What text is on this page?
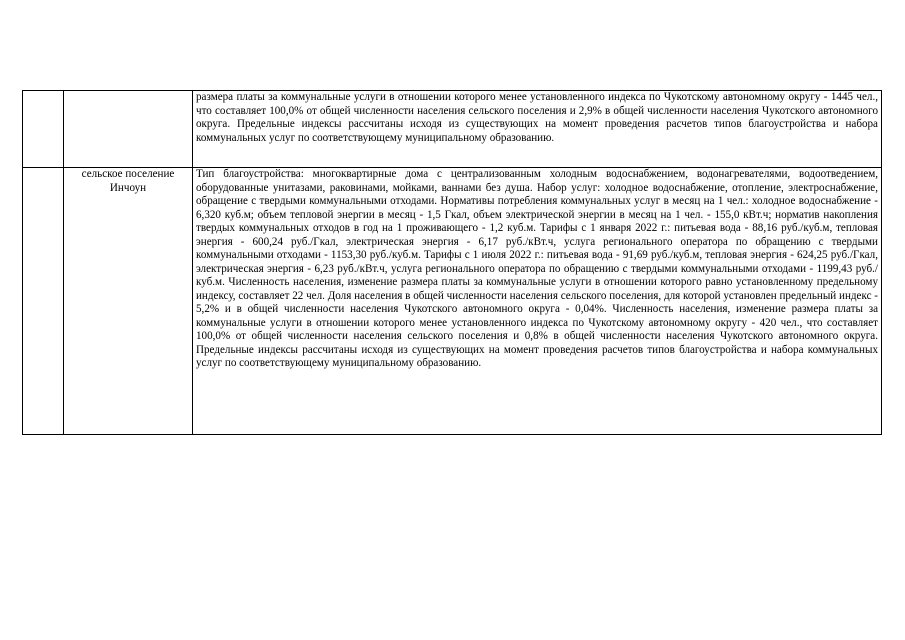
		размера платы за коммунальные услуги в отношении которого менее установленного индекса по Чукотскому автономному округу - 1445 чел., что составляет 100,0% от общей численности населения сельского поселения и 2,9% в общей численности населения Чукотского автономного округа. Предельные индексы рассчитаны исходя из существующих на момент проведения расчетов типов благоустройства и набора коммунальных услуг по соответствующему муниципальному образованию.
	сельское поселение Инчоун	Тип благоустройства: многоквартирные дома с централизованным холодным водоснабжением, водонагревателями, водоотведением, оборудованные унитазами, раковинами, мойками, ваннами без душа. Набор услуг: холодное водоснабжение, отопление, электроснабжение, обращение с твердыми коммунальными отходами. Нормативы потребления коммунальных услуг в месяц на 1 чел.: холодное водоснабжение - 6,320 куб.м; объем тепловой энергии в месяц - 1,5 Гкал, объем электрической энергии в месяц на 1 чел. - 155,0 кВт.ч; норматив накопления твердых коммунальных отходов в год на 1 проживающего - 1,2 куб.м. Тарифы с 1 января 2022 г.: питьевая вода - 88,16 руб./куб.м, тепловая энергия - 600,24 руб./Гкал, электрическая энергия - 6,17 руб./кВт.ч, услуга регионального оператора по обращению с твердыми коммунальными отходами - 1153,30 руб./куб.м. Тарифы с 1 июля 2022 г.: питьевая вода - 91,69 руб./куб.м, тепловая энергия - 624,25 руб./Гкал, электрическая энергия - 6,23 руб./кВт.ч, услуга регионального оператора по обращению с твердыми коммунальными отходами - 1199,43 руб./куб.м. Численность населения, изменение размера платы за коммунальные услуги в отношении которого равно установленному предельному индексу, составляет 22 чел. Доля населения в общей численности населения сельского поселения, для которой установлен предельный индекс - 5,2% и в общей численности населения Чукотского автономного округа - 0,04%. Численность населения, изменение размера платы за коммунальные услуги в отношении которого менее установленного индекса по Чукотскому автономному округу - 420 чел., что составляет 100,0% от общей численности населения сельского поселения и 0,8% в общей численности населения Чукотского автономного округа. Предельные индексы рассчитаны исходя из существующих на момент проведения расчетов типов благоустройства и набора коммунальных услуг по соответствующему муниципальному образованию.
